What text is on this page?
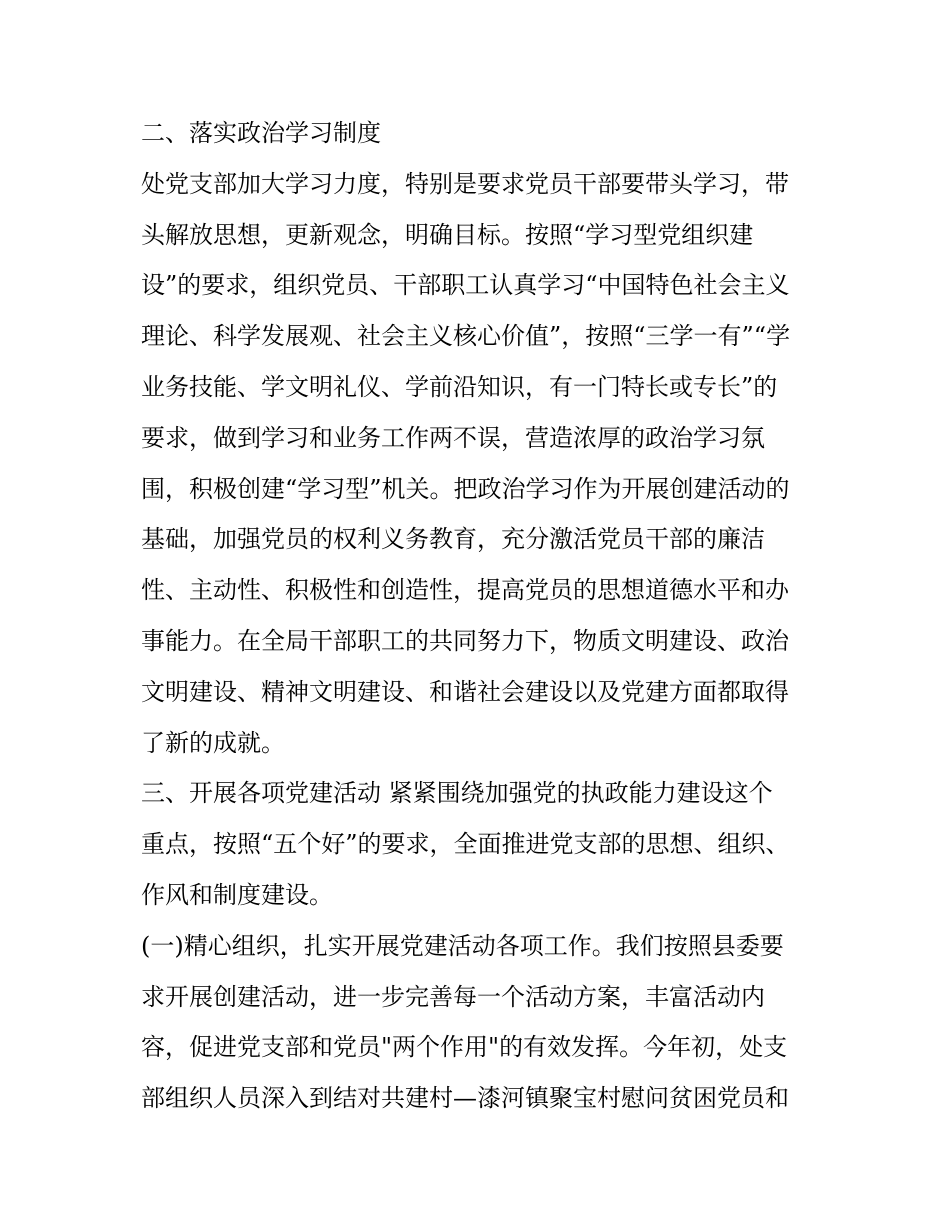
二、落实政治学习制度
处党支部加大学习力度，特别是要求党员干部要带头学习，带
头解放思想，更新观念，明确目标。按照“学习型党组织建
设”的要求，组织党员、干部职工认真学习“中国特色社会主义
理论、科学发展观、社会主义核心价值”，按照“三学一有”“学
业务技能、学文明礼仪、学前沿知识，有一门特长或专长”的
要求，做到学习和业务工作两不误，营造浓厚的政治学习氛
围，积极创建“学习型”机关。把政治学习作为开展创建活动的
基础，加强党员的权利义务教育，充分激活党员干部的廉洁
性、主动性、积极性和创造性，提高党员的思想道德水平和办
事能力。在全局干部职工的共同努力下，物质文明建设、政治
文明建设、精神文明建设、和谐社会建设以及党建方面都取得
了新的成就。
三、开展各项党建活动 紧紧围绕加强党的执政能力建设这个
重点，按照“五个好”的要求，全面推进党支部的思想、组织、
作风和制度建设。
(一)精心组织，扎实开展党建活动各项工作。我们按照县委要
求开展创建活动，进一步完善每一个活动方案，丰富活动内
容，促进党支部和党员"两个作用"的有效发挥。今年初，处支
部组织人员深入到结对共建村—漆河镇聚宝村慰问贫困党员和
